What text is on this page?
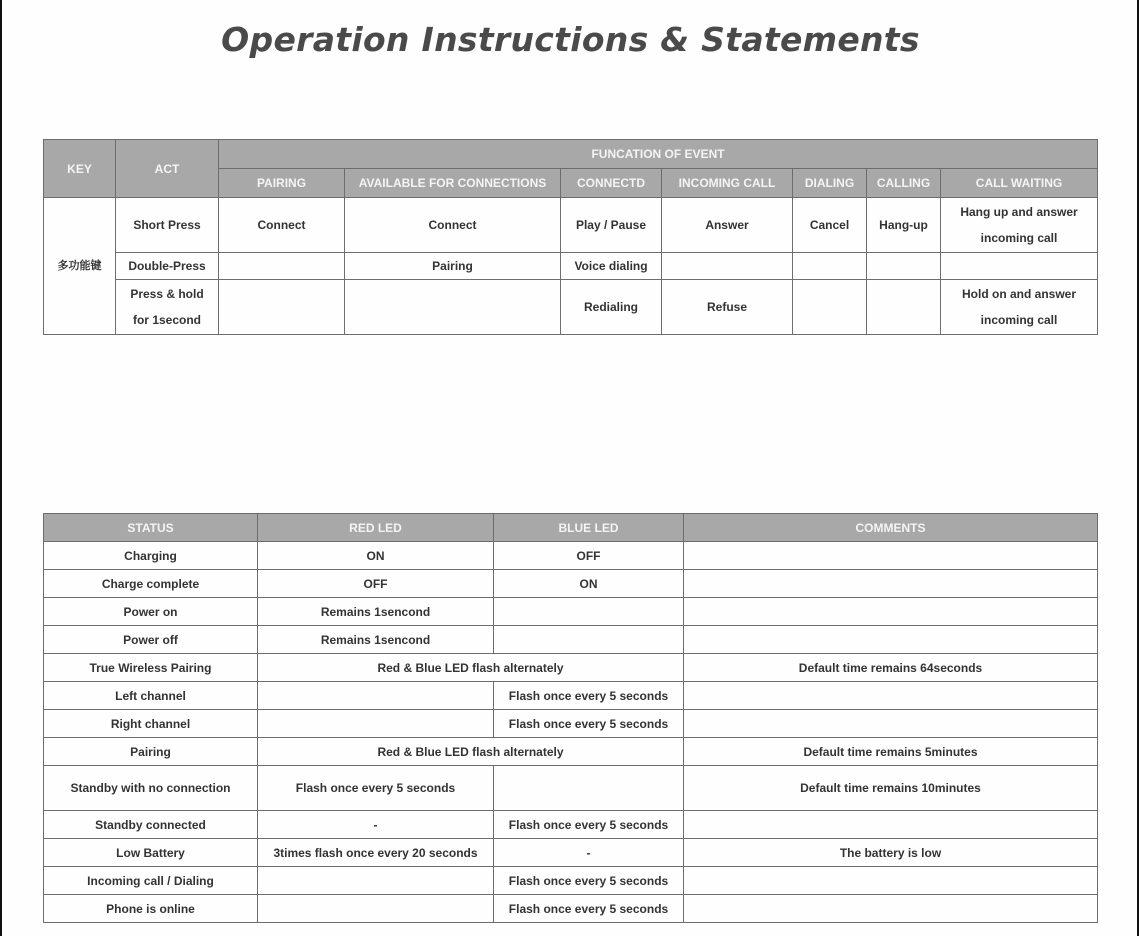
Operation Instructions & Statements
KEY	ACT	FUNCATION OF EVENT						
		PAIRING	AVAILABLE FOR CONNECTIONS	CONNECTD	INCOMING CALL	DIALING	CALLING	CALL WAITING
多功能键	Short Press	Connect	Connect	Play / Pause	Answer	Cancel	Hang-up	Hang up and answer
incoming call
	Double-Press		Pairing	Voice dialing				
	Press & hold
for 1second			Redialing	Refuse			Hold on and answer
incoming call
STATUS	RED LED	BLUE LED	COMMENTS
Charging	ON	OFF	
Charge complete	OFF	ON	
Power on	Remains 1sencond		
Power off	Remains 1sencond		
True Wireless Pairing	Red & Blue LED flash alternately		Default time remains 64seconds
Left channel		Flash once every 5 seconds	
Right channel		Flash once every 5 seconds	
Pairing	Red & Blue LED flash alternately		Default time remains 5minutes
Standby with no connection	Flash once every 5 seconds		Default time remains 10minutes
Standby connected	-	Flash once every 5 seconds	
Low Battery	3times flash once every 20 seconds	-	The battery is low
Incoming call / Dialing		Flash once every 5 seconds	
Phone is online		Flash once every 5 seconds	
